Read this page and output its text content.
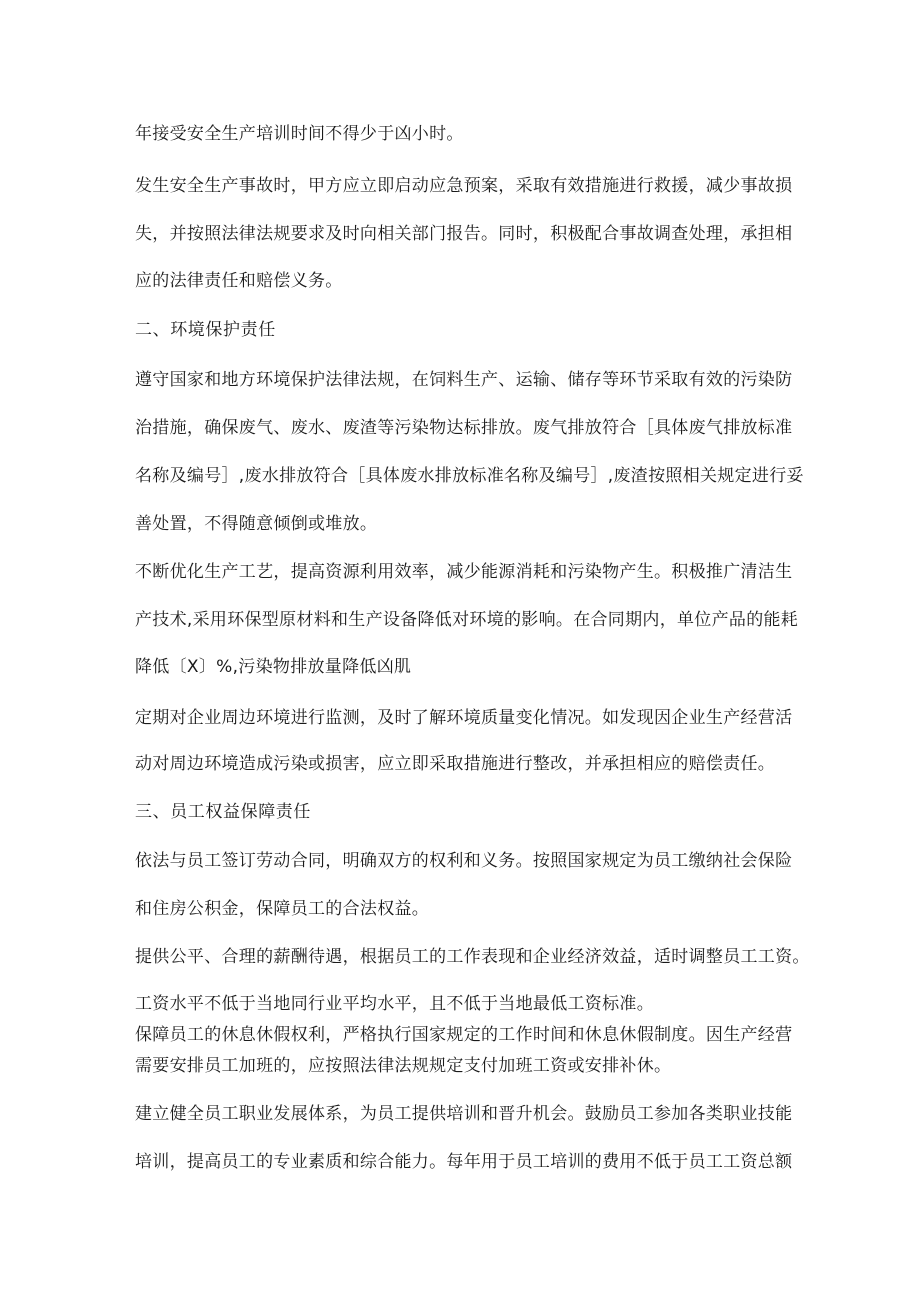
年接受安全生产培训时间不得少于凶小时。

发生安全生产事故时，甲方应立即启动应急预案，采取有效措施进行救援，减少事故损

失，并按照法律法规要求及时向相关部门报告。同时，积极配合事故调查处理，承担相

应的法律责任和赔偿义务。

二、环境保护责任

遵守国家和地方环境保护法律法规，在饲料生产、运输、储存等环节采取有效的污染防

治措施，确保废气、废水、废渣等污染物达标排放。废气排放符合［具体废气排放标准

名称及编号］,废水排放符合［具体废水排放标准名称及编号］,废渣按照相关规定进行妥

善处置，不得随意倾倒或堆放。

不断优化生产工艺，提高资源利用效率，减少能源消耗和污染物产生。积极推广清洁生

产技术,采用环保型原材料和生产设备降低对环境的影响。在合同期内，单位产品的能耗

降低〔X〕%,污染物排放量降低凶肌

定期对企业周边环境进行监测，及时了解环境质量变化情况。如发现因企业生产经营活

动对周边环境造成污染或损害，应立即采取措施进行整改，并承担相应的赔偿责任。

三、员工权益保障责任

依法与员工签订劳动合同，明确双方的权利和义务。按照国家规定为员工缴纳社会保险

和住房公积金，保障员工的合法权益。

提供公平、合理的薪酬待遇，根据员工的工作表现和企业经济效益，适时调整员工工资。

工资水平不低于当地同行业平均水平，且不低于当地最低工资标准。

保障员工的休息休假权利，严格执行国家规定的工作时间和休息休假制度。因生产经营

需要安排员工加班的，应按照法律法规规定支付加班工资或安排补休。

建立健全员工职业发展体系，为员工提供培训和晋升机会。鼓励员工参加各类职业技能

培训，提高员工的专业素质和综合能力。每年用于员工培训的费用不低于员工工资总额
